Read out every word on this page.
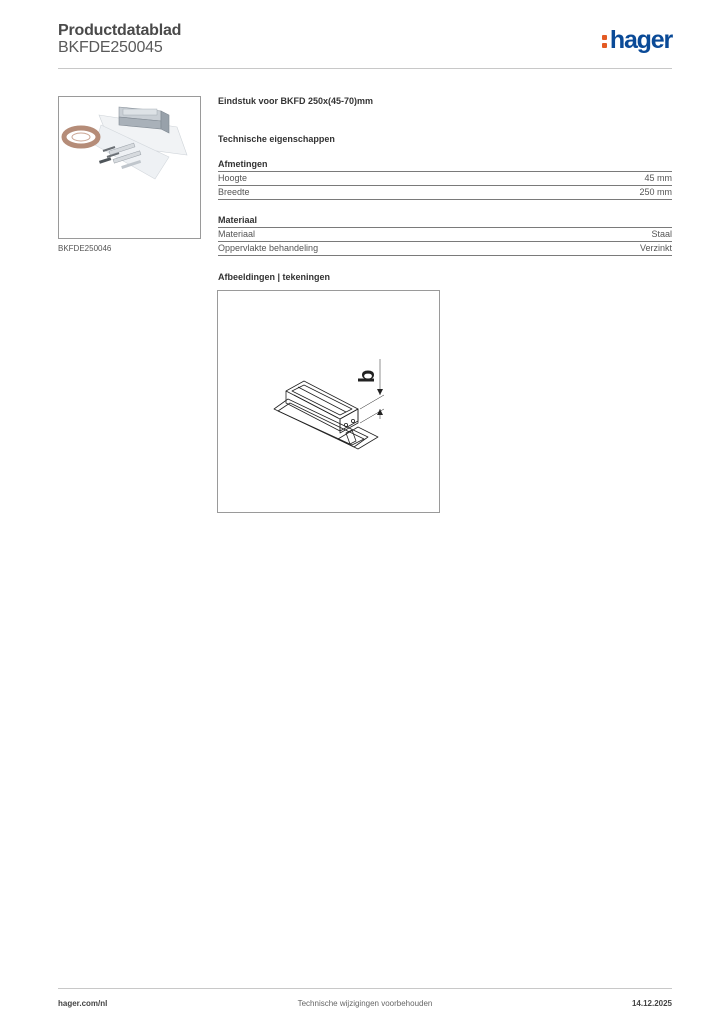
Productdatablad
BKFDE250045	hager
BKFDE250046
Eindstuk voor BKFD 250x(45-70)mm
Technische eigenschappen
Afmetingen
Hoogte	45 mm
Breedte	250 mm
Materiaal
Materiaal	Staal
Oppervlakte behandeling	Verzinkt
Afbeeldingen | tekeningen
b
hager.com/nl	Technische wijzigingen voorbehouden	14.12.2025
